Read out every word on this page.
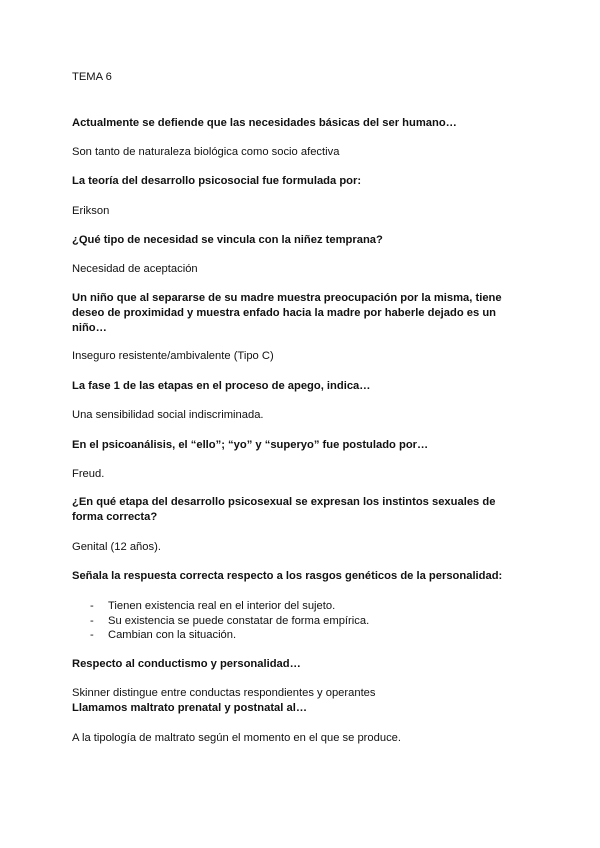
TEMA 6
Actualmente se defiende que las necesidades básicas del ser humano…
Son tanto de naturaleza biológica como socio afectiva
La teoría del desarrollo psicosocial fue formulada por:
Erikson
¿Qué tipo de necesidad se vincula con la niñez temprana?
Necesidad de aceptación
Un niño que al separarse de su madre muestra preocupación por la misma, tiene deseo de proximidad y muestra enfado hacia la madre por haberle dejado es un niño…
Inseguro resistente/ambivalente (Tipo C)
La fase 1 de las etapas en el proceso de apego, indica…
Una sensibilidad social indiscriminada.
En el psicoanálisis, el “ello”; “yo” y “superyo” fue postulado por…
Freud.
¿En qué etapa del desarrollo psicosexual se expresan los instintos sexuales de forma correcta?
Genital (12 años).
Señala la respuesta correcta respecto a los rasgos genéticos de la personalidad:
- Tienen existencia real en el interior del sujeto.
- Su existencia se puede constatar de forma empírica.
- Cambian con la situación.
Respecto al conductismo y personalidad…
Skinner distingue entre conductas respondientes y operantes
Llamamos maltrato prenatal y postnatal al…
A la tipología de maltrato según el momento en el que se produce.
